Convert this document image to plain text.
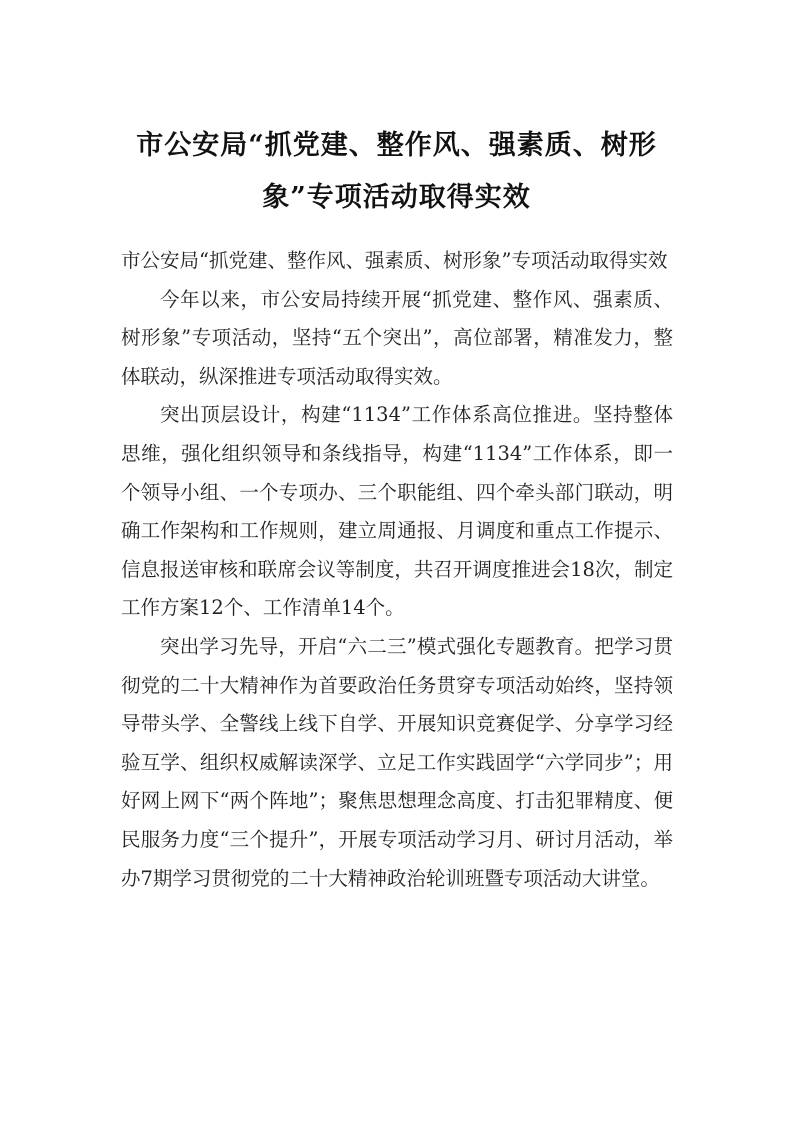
市公安局“抓党建、整作风、强素质、树形象”专项活动取得实效

市公安局“抓党建、整作风、强素质、树形象”专项活动取得实效

今年以来，市公安局持续开展“抓党建、整作风、强素质、树形象”专项活动，坚持“五个突出”，高位部署，精准发力，整体联动，纵深推进专项活动取得实效。

突出顶层设计，构建“1134”工作体系高位推进。坚持整体思维，强化组织领导和条线指导，构建“1134”工作体系，即一个领导小组、一个专项办、三个职能组、四个牵头部门联动，明确工作架构和工作规则，建立周通报、月调度和重点工作提示、信息报送审核和联席会议等制度，共召开调度推进会18次，制定工作方案12个、工作清单14个。

突出学习先导，开启“六二三”模式强化专题教育。把学习贯彻党的二十大精神作为首要政治任务贯穿专项活动始终，坚持领导带头学、全警线上线下自学、开展知识竞赛促学、分享学习经验互学、组织权威解读深学、立足工作实践固学“六学同步”；用好网上网下“两个阵地”；聚焦思想理念高度、打击犯罪精度、便民服务力度“三个提升”，开展专项活动学习月、研讨月活动，举办7期学习贯彻党的二十大精神政治轮训班暨专项活动大讲堂。
